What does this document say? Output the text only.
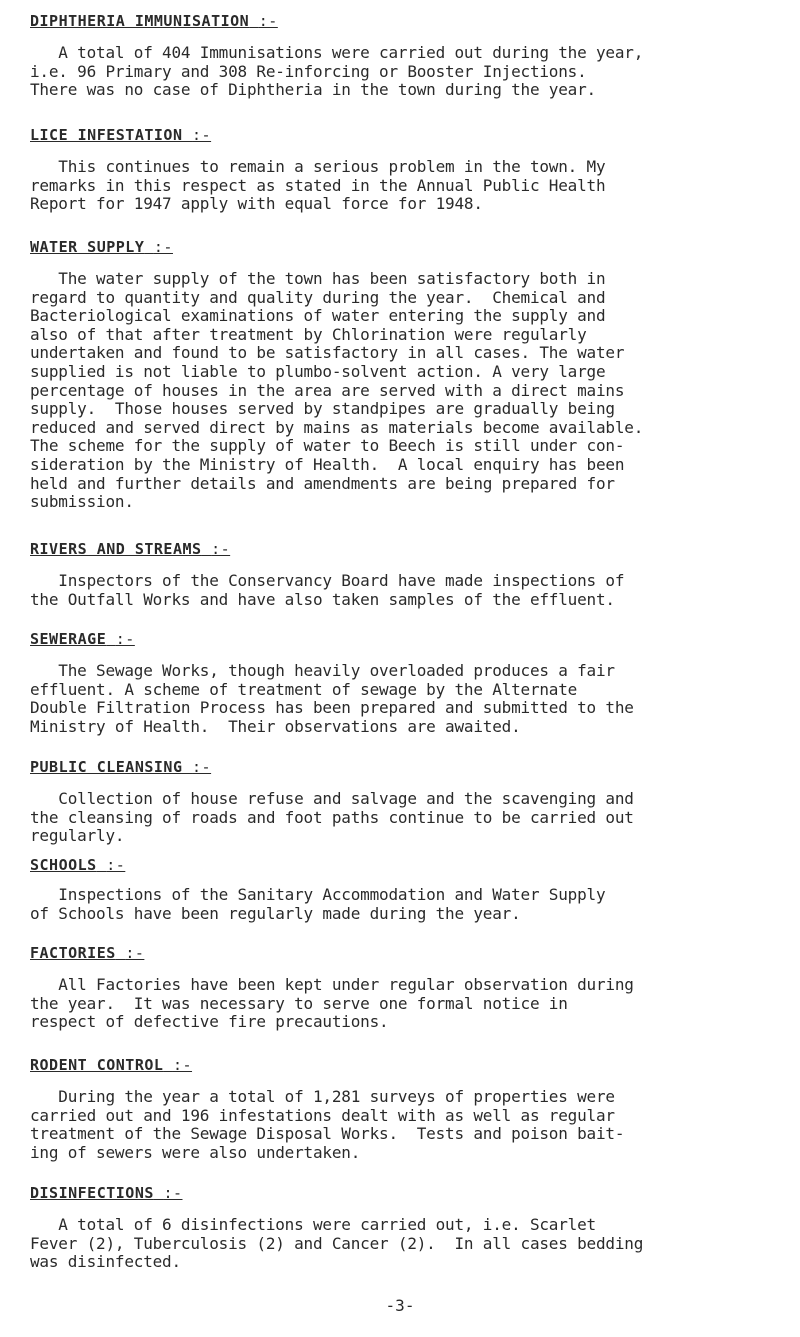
DIPHTHERIA IMMUNISATION :-
A total of 404 Immunisations were carried out during the year,
i.e. 96 Primary and 308 Re-inforcing or Booster Injections.
There was no case of Diphtheria in the town during the year.
LICE INFESTATION :-
This continues to remain a serious problem in the town. My
remarks in this respect as stated in the Annual Public Health
Report for 1947 apply with equal force for 1948.
WATER SUPPLY :-
The water supply of the town has been satisfactory both in
regard to quantity and quality during the year.  Chemical and
Bacteriological examinations of water entering the supply and
also of that after treatment by Chlorination were regularly
undertaken and found to be satisfactory in all cases. The water
supplied is not liable to plumbo-solvent action. A very large
percentage of houses in the area are served with a direct mains
supply.  Those houses served by standpipes are gradually being
reduced and served direct by mains as materials become available.
The scheme for the supply of water to Beech is still under con-
sideration by the Ministry of Health.  A local enquiry has been
held and further details and amendments are being prepared for
submission.
RIVERS AND STREAMS :-
Inspectors of the Conservancy Board have made inspections of
the Outfall Works and have also taken samples of the effluent.
SEWERAGE :-
The Sewage Works, though heavily overloaded produces a fair
effluent. A scheme of treatment of sewage by the Alternate
Double Filtration Process has been prepared and submitted to the
Ministry of Health.  Their observations are awaited.
PUBLIC CLEANSING :-
Collection of house refuse and salvage and the scavenging and
the cleansing of roads and foot paths continue to be carried out
regularly.
SCHOOLS :-
Inspections of the Sanitary Accommodation and Water Supply
of Schools have been regularly made during the year.
FACTORIES :-
All Factories have been kept under regular observation during
the year.  It was necessary to serve one formal notice in
respect of defective fire precautions.
RODENT CONTROL :-
During the year a total of 1,281 surveys of properties were
carried out and 196 infestations dealt with as well as regular
treatment of the Sewage Disposal Works.  Tests and poison bait-
ing of sewers were also undertaken.
DISINFECTIONS :-
A total of 6 disinfections were carried out, i.e. Scarlet
Fever (2), Tuberculosis (2) and Cancer (2).  In all cases bedding
was disinfected.
-3-
